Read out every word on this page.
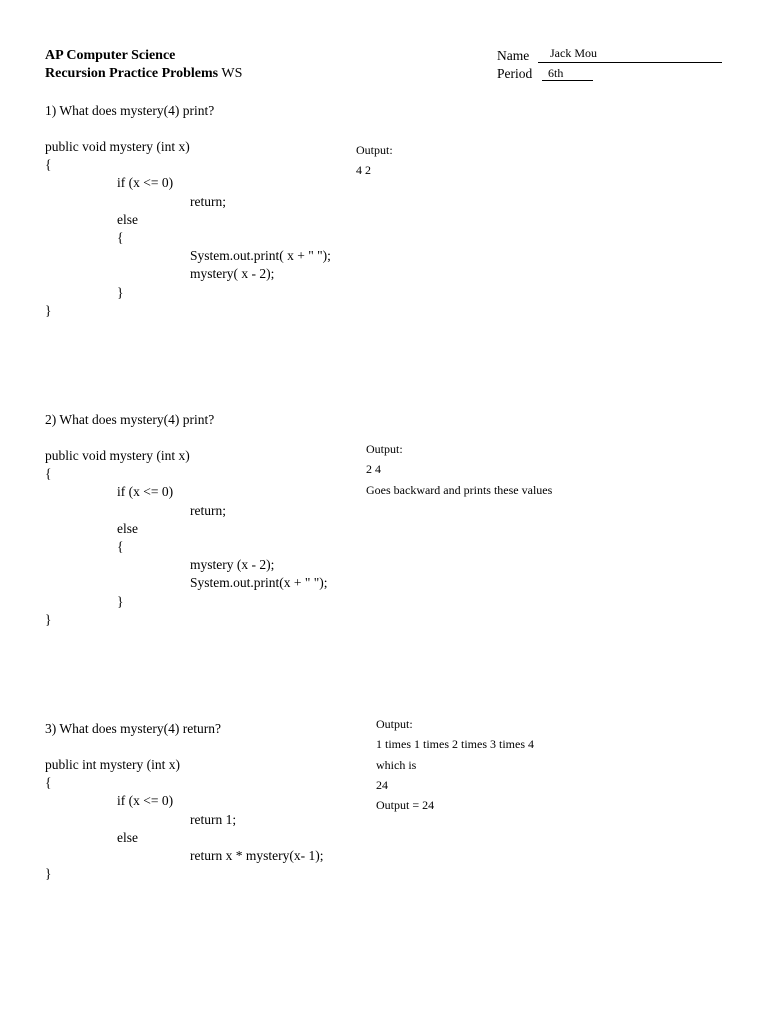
AP Computer Science
Recursion Practice Problems WS
Name Jack Mou
Period 6th
1) What does mystery(4) print?
public void mystery (int x)
{
if (x <= 0)
return;
else
{
System.out.print( x + " ");
mystery( x - 2);
}
}
Output:
4 2
2) What does mystery(4) print?
public void mystery (int x)
{
if (x <= 0)
return;
else
{
mystery (x - 2);
System.out.print(x + " ");
}
}
Output:
2 4
Goes backward and prints these values
3) What does mystery(4) return?
public int mystery (int x)
{
if (x <= 0)
return 1;
else
return x * mystery(x- 1);
}
Output:
1 times 1 times 2 times 3 times 4
which is
24
Output = 24
